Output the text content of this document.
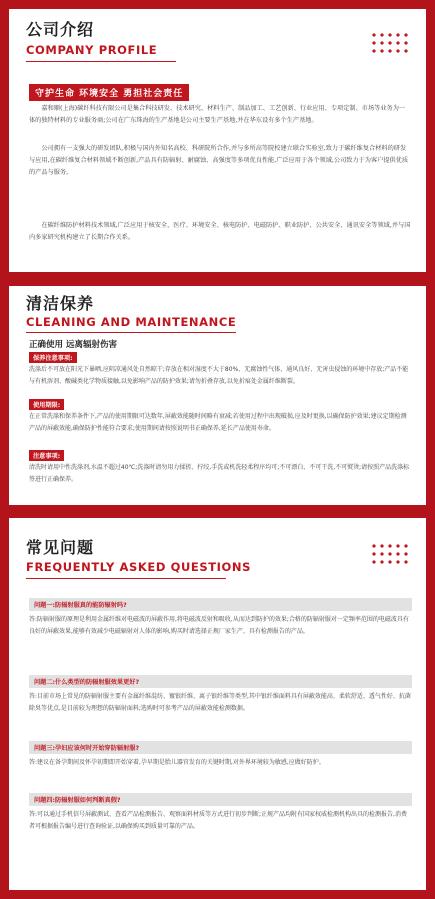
公司介绍
COMPANY PROFILE
守护生命 环境安全 勇担社会责任
嘉和顺(上海)碳纤科技有限公司是集合科技研发、技术研究、材料生产、制品加工、工艺创新、行业应用、专项定制、市场等业务为一体的独特材料的专业服务商;公司在广东珠海的生产基地是公司主要生产基地,并在华东设有多个生产基地。
公司拥有一支强大的研发团队,积极与国内外知名高校、科研院所合作,并与多所高等院校建立联合实验室,致力于碳纤维复合材料的研发与应用,在碳纤维复合材料领域不断创新,产品具有防辐射、耐腐蚀、高强度等多项优良性能,广泛应用于各个领域,公司致力于为客户提供优质的产品与服务。
在碳纤维防护材料技术领域,广泛应用于核安全、医疗、环境安全、核电防护、电磁防护、职业防护、公共安全、通讯安全等领域,并与国内多家研究机构建立了长期合作关系。
清洁保养
CLEANING AND MAINTENANCE
正确使用 远离辐射伤害
保养注意事项:
洗涤后不可放在阳光下暴晒,应阴凉通风处自然晾干;存放在相对湿度不大于80%、无腐蚀性气体、通风良好、无害虫侵蚀的环境中存放;产品不能与有机溶剂、酸碱类化学物质接触,以免影响产品的防护效果;请勿折叠存放,以免折痕处金属纤维断裂。
使用期限:
在正常洗涤和保养条件下,产品的使用期限可达数年,屏蔽效能随时间略有衰减;若使用过程中出现破损,应及时更换,以确保防护效果;建议定期检测产品的屏蔽效能,确保防护性能符合要求;使用期间请按照说明书正确保养,延长产品使用寿命。
注意事项:
清洗时请用中性洗涤剂,水温不超过40℃;洗涤时请勿用力揉搓、拧绞,手洗或机洗轻柔程序均可;不可漂白、不可干洗,不可熨烫;请按照产品洗涤标签进行正确保养。
常见问题
FREQUENTLY ASKED QUESTIONS
问题一:防辐射服真的能防辐射吗?
答:防辐射服的原理是利用金属纤维对电磁波的屏蔽作用,将电磁波反射和吸收,从而达到防护的效果;合格的防辐射服对一定频率范围的电磁波具有良好的屏蔽效果,能够有效减少电磁辐射对人体的影响,购买时请选择正规厂家生产、具有检测报告的产品。
问题二:什么类型的防辐射服效果更好?
答:目前市场上常见的防辐射服主要有金属纤维混纺、镀银纤维、离子银纤维等类型,其中银纤维面料具有屏蔽效能高、柔软舒适、透气性好、抗菌除臭等优点,是目前较为理想的防辐射面料;选购时可参考产品的屏蔽效能检测数据。
问题三:孕妇应该何时开始穿防辐射服?
答:建议在备孕期间及怀孕初期即开始穿着,孕早期是胎儿器官发育的关键时期,对外界环境较为敏感,应做好防护。
问题四:防辐射服如何判断真假?
答:可以通过手机信号屏蔽测试、查看产品检测报告、观察面料材质等方式进行初步判断;正规产品均附有国家权威检测机构出具的检测报告,消费者可根据报告编号进行查询验证,以确保购买到质量可靠的产品。
